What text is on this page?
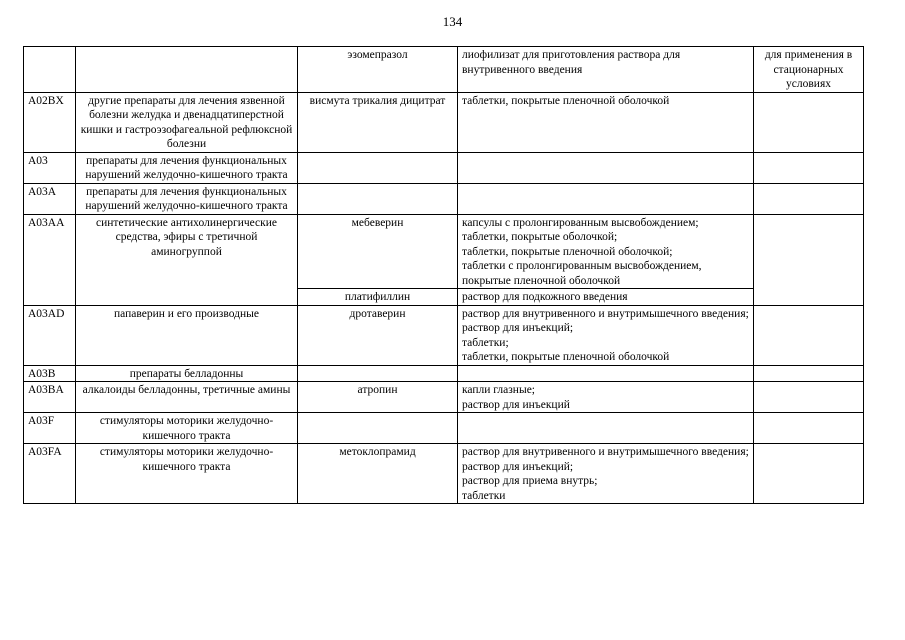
134
		эзомепразол	лиофилизат для приготовления раствора для внутривенного введения	для применения в стационарных условиях
A02BX	другие препараты для лечения язвенной болезни желудка и двенадцатиперстной кишки и гастроэзофагеальной рефлюксной болезни	висмута трикалия дицитрат	таблетки, покрытые пленочной оболочкой	
A03	препараты для лечения функциональных нарушений желудочно-кишечного тракта			
A03A	препараты для лечения функциональных нарушений желудочно-кишечного тракта			
A03AA	синтетические антихолинергические средства, эфиры с третичной аминогруппой	мебеверин	капсулы с пролонгированным высвобождением;
таблетки, покрытые оболочкой;
таблетки, покрытые пленочной оболочкой;
таблетки с пролонгированным высвобождением, покрытые пленочной оболочкой	

		платифиллин	раствор для подкожного введения	
A03AD	папаверин и его производные	дротаверин	раствор для внутривенного и внутримышечного введения;
раствор для инъекций;
таблетки;
таблетки, покрытые пленочной оболочкой	

A03B	препараты белладонны			
A03BA	алкалоиды белладонны, третичные амины	атропин	капли глазные;
раствор для инъекций	

A03F	стимуляторы моторики желудочно-кишечного тракта			
A03FA	стимуляторы моторики желудочно-кишечного тракта	метоклопрамид	раствор для внутривенного и внутримышечного введения;
раствор для инъекций;
раствор для приема внутрь;
таблетки	
